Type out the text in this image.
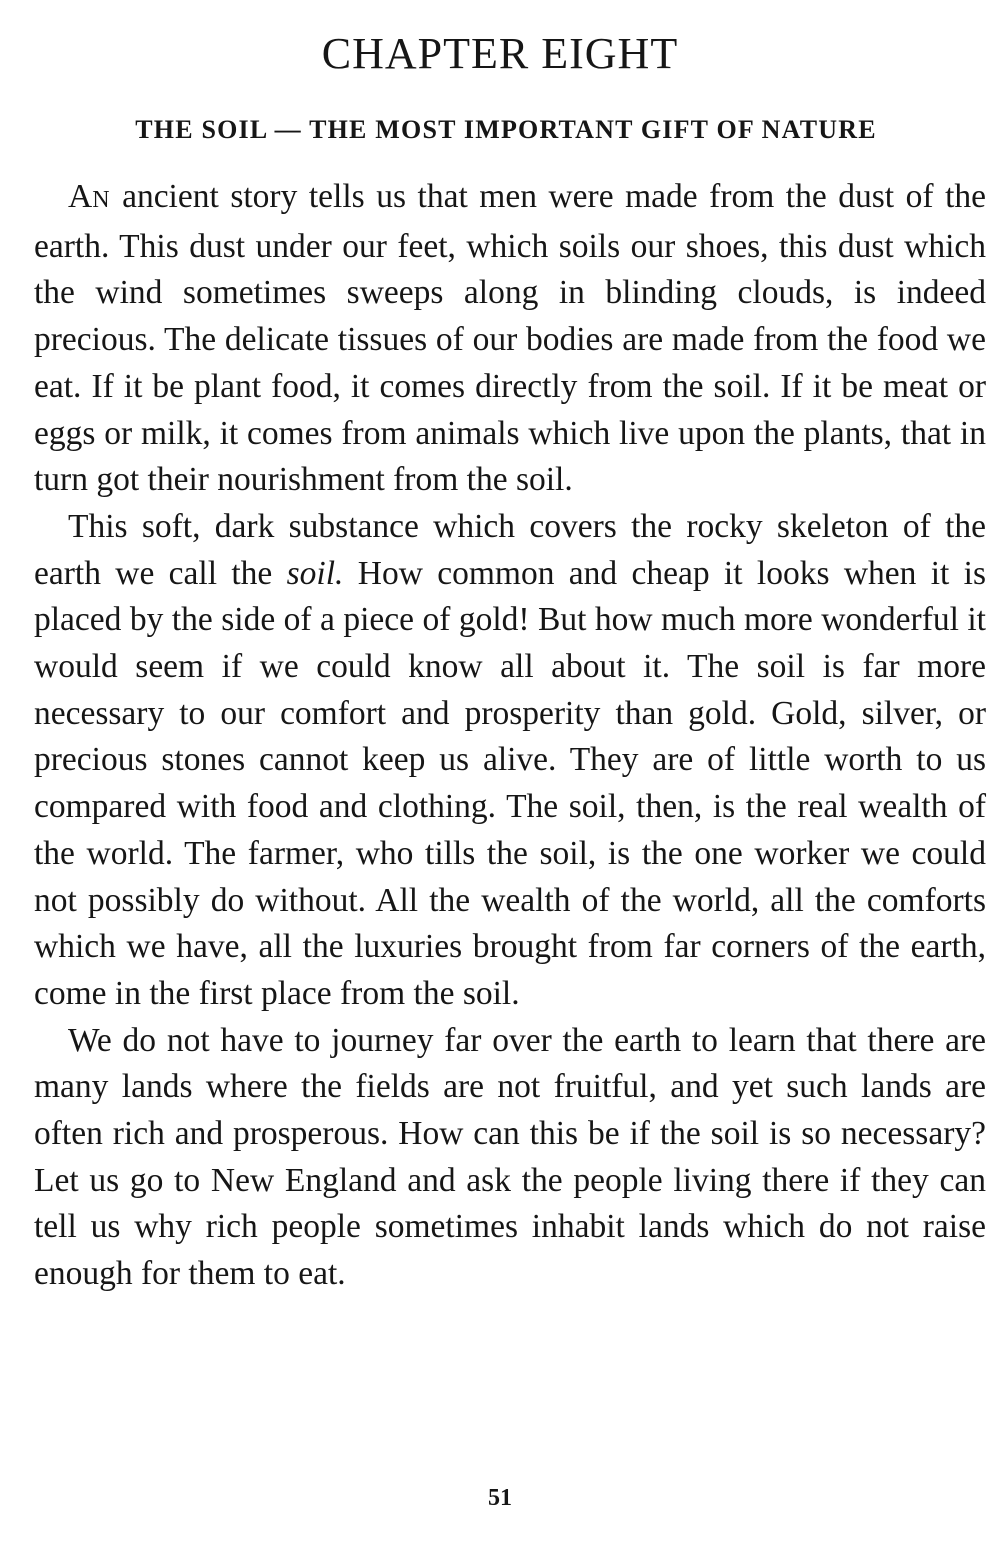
CHAPTER EIGHT
THE SOIL — THE MOST IMPORTANT GIFT OF NATURE

AN ancient story tells us that men were made from the dust of the earth. This dust under our feet, which soils our shoes, this dust which the wind sometimes sweeps along in blinding clouds, is indeed precious. The delicate tissues of our bodies are made from the food we eat. If it be plant food, it comes directly from the soil. If it be meat or eggs or milk, it comes from animals which live upon the plants, that in turn got their nourishment from the soil.

This soft, dark substance which covers the rocky skeleton of the earth we call the soil. How common and cheap it looks when it is placed by the side of a piece of gold! But how much more wonderful it would seem if we could know all about it. The soil is far more necessary to our comfort and prosperity than gold. Gold, silver, or precious stones cannot keep us alive. They are of little worth to us compared with food and clothing. The soil, then, is the real wealth of the world. The farmer, who tills the soil, is the one worker we could not possibly do without. All the wealth of the world, all the comforts which we have, all the luxuries brought from far corners of the earth, come in the first place from the soil.

We do not have to journey far over the earth to learn that there are many lands where the fields are not fruitful, and yet such lands are often rich and prosperous. How can this be if the soil is so necessary? Let us go to New England and ask the people living there if they can tell us why rich people sometimes inhabit lands which do not raise enough for them to eat.

51
